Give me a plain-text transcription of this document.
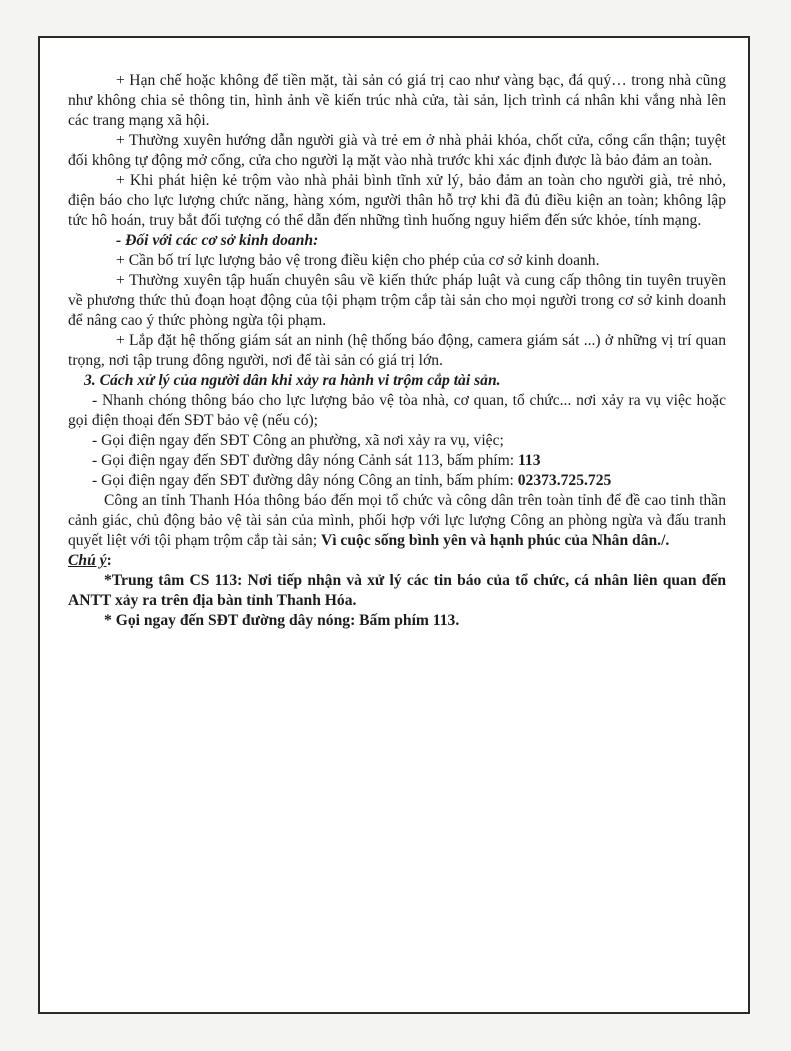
+ Hạn chế hoặc không để tiền mặt, tài sản có giá trị cao như vàng bạc, đá quý… trong nhà cũng như không chia sẻ thông tin, hình ảnh về kiến trúc nhà cửa, tài sản, lịch trình cá nhân khi vắng nhà lên các trang mạng xã hội.

+ Thường xuyên hướng dẫn người già và trẻ em ở nhà phải khóa, chốt cửa, cổng cẩn thận; tuyệt đối không tự động mở cổng, cửa cho người lạ mặt vào nhà trước khi xác định được là bảo đảm an toàn.

+ Khi phát hiện kẻ trộm vào nhà phải bình tĩnh xử lý, bảo đảm an toàn cho người già, trẻ nhỏ, điện báo cho lực lượng chức năng, hàng xóm, người thân hỗ trợ khi đã đủ điều kiện an toàn; không lập tức hô hoán, truy bắt đối tượng có thể dẫn đến những tình huống nguy hiểm đến sức khỏe, tính mạng.

- Đối với các cơ sở kinh doanh:

+ Cần bố trí lực lượng bảo vệ trong điều kiện cho phép của cơ sở kinh doanh.

+ Thường xuyên tập huấn chuyên sâu về kiến thức pháp luật và cung cấp thông tin tuyên truyền về phương thức thủ đoạn hoạt động của tội phạm trộm cắp tài sản cho mọi người trong cơ sở kinh doanh để nâng cao ý thức phòng ngừa tội phạm.

+ Lắp đặt hệ thống giám sát an ninh (hệ thống báo động, camera giám sát ...) ở những vị trí quan trọng, nơi tập trung đông người, nơi để tài sản có giá trị lớn.

3. Cách xử lý của người dân khi xảy ra hành vi trộm cắp tài sản.

- Nhanh chóng thông báo cho lực lượng bảo vệ tòa nhà, cơ quan, tổ chức... nơi xảy ra vụ việc hoặc gọi điện thoại đến SĐT bảo vệ (nếu có);

- Gọi điện ngay đến SĐT Công an phường, xã nơi xảy ra vụ, việc;

- Gọi điện ngay đến SĐT đường dây nóng Cảnh sát 113, bấm phím: 113

- Gọi điện ngay đến SĐT đường dây nóng Công an tỉnh, bấm phím: 02373.725.725

Công an tỉnh Thanh Hóa thông báo đến mọi tổ chức và công dân trên toàn tỉnh để đề cao tinh thần cảnh giác, chủ động bảo vệ tài sản của mình, phối hợp với lực lượng Công an phòng ngừa và đấu tranh quyết liệt với tội phạm trộm cắp tài sản; Vì cuộc sống bình yên và hạnh phúc của Nhân dân./.

Chú ý:

*Trung tâm CS 113: Nơi tiếp nhận và xử lý các tin báo của tổ chức, cá nhân liên quan đến ANTT xảy ra trên địa bàn tỉnh Thanh Hóa.

* Gọi ngay đến SĐT đường dây nóng: Bấm phím 113.
